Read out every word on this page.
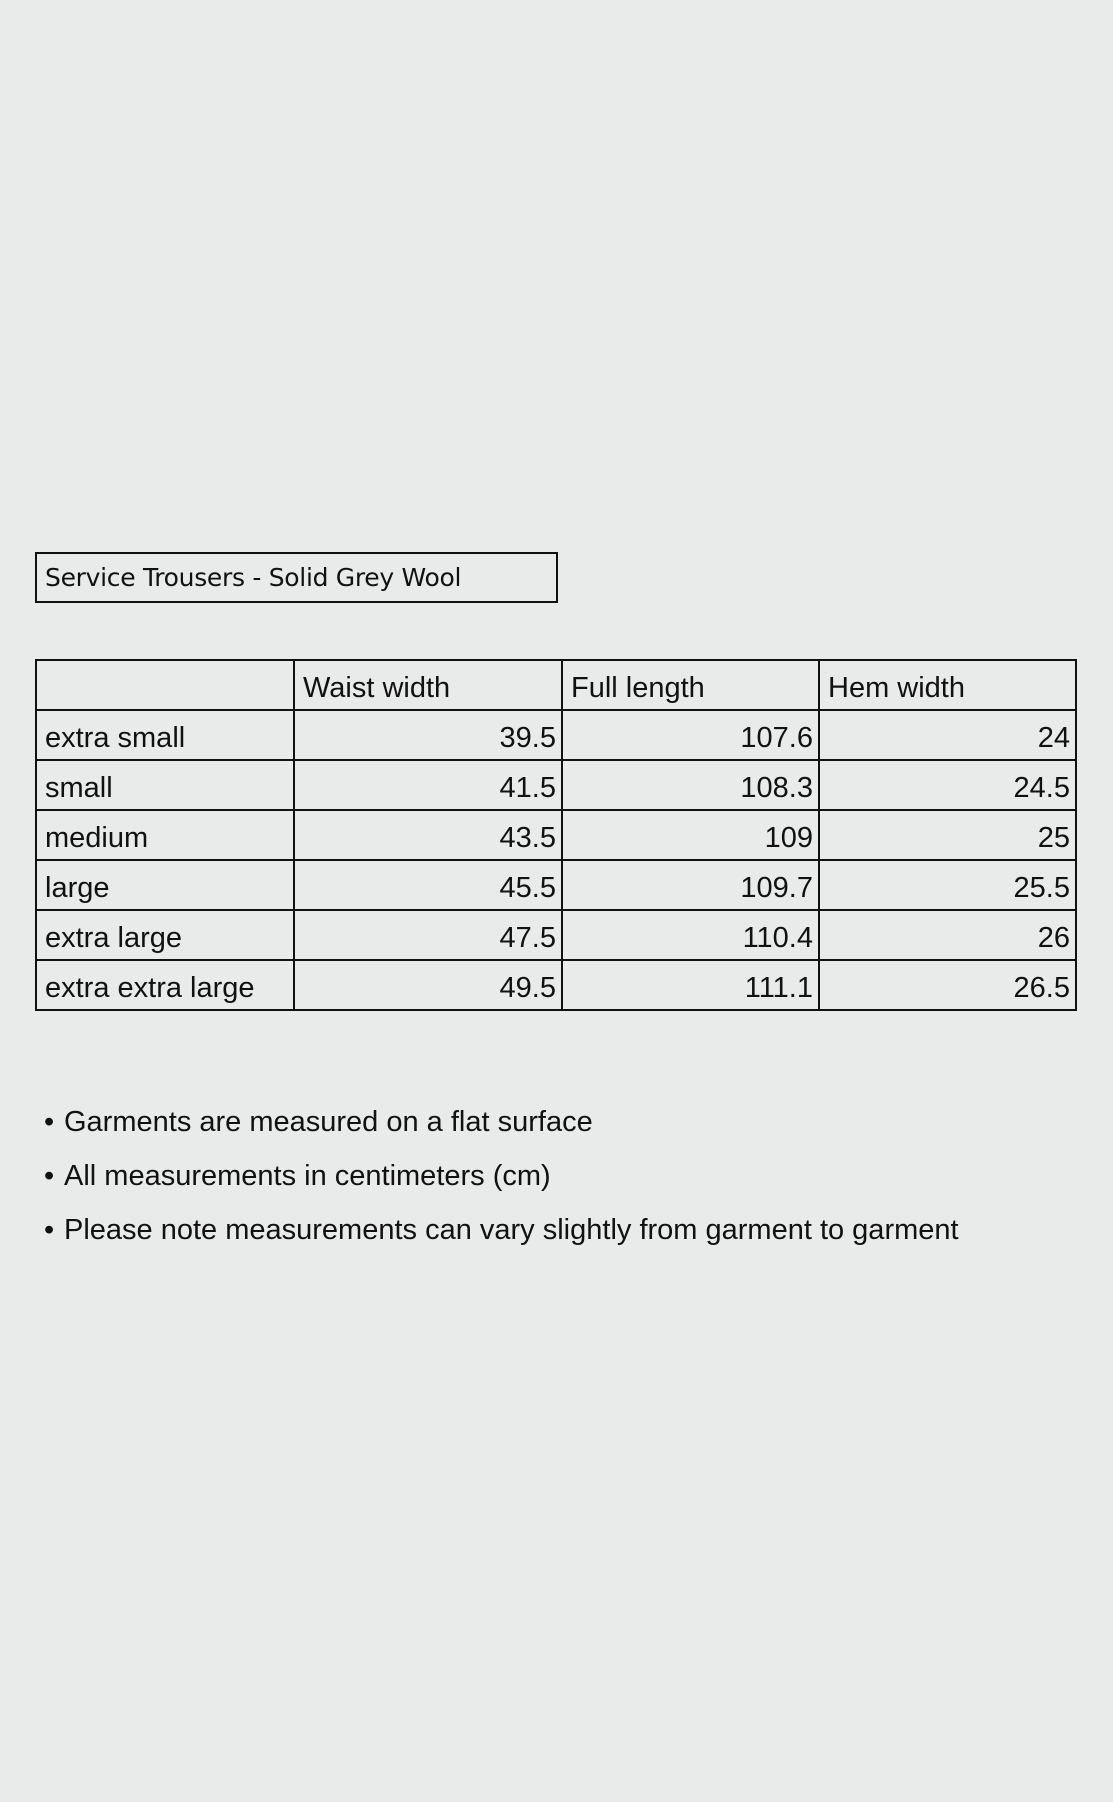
Service Trousers - Solid Grey Wool
	Waist width	Full length	Hem width
extra small	39.5	107.6	24
small	41.5	108.3	24.5
medium	43.5	109	25
large	45.5	109.7	25.5
extra large	47.5	110.4	26
extra extra large	49.5	111.1	26.5
• Garments are measured on a flat surface
• All measurements in centimeters (cm)
• Please note measurements can vary slightly from garment to garment
